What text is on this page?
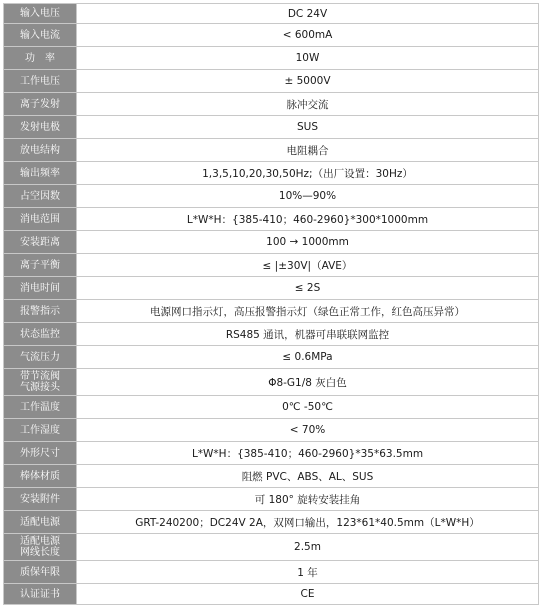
输入电压	DC 24V
输入电流	< 600mA
功　率	10W
工作电压	± 5000V
离子发射	脉冲交流
发射电极	SUS
放电结构	电阻耦合
输出频率	1,3,5,10,20,30,50Hz;（出厂设置：30Hz）
占空因数	10%—90%
消电范围	L*W*H：{385-410；460-2960}*300*1000mm
安装距离	100 → 1000mm
离子平衡	≤ |±30V|（AVE）
消电时间	≤ 2S
报警指示	电源网口指示灯，高压报警指示灯（绿色正常工作，红色高压异常）
状态监控	RS485 通讯，机器可串联联网监控
气流压力	≤ 0.6MPa
带节流阀
气源接头	Φ8-G1/8 灰白色
工作温度	0℃ -50℃
工作湿度	< 70%
外形尺寸	L*W*H：{385-410；460-2960}*35*63.5mm
棒体材质	阻燃 PVC、ABS、AL、SUS
安装附件	可 180° 旋转安装挂角
适配电源	GRT-240200；DC24V 2A，双网口输出，123*61*40.5mm（L*W*H）
适配电源
网线长度	2.5m
质保年限	1 年
认证证书	CE
